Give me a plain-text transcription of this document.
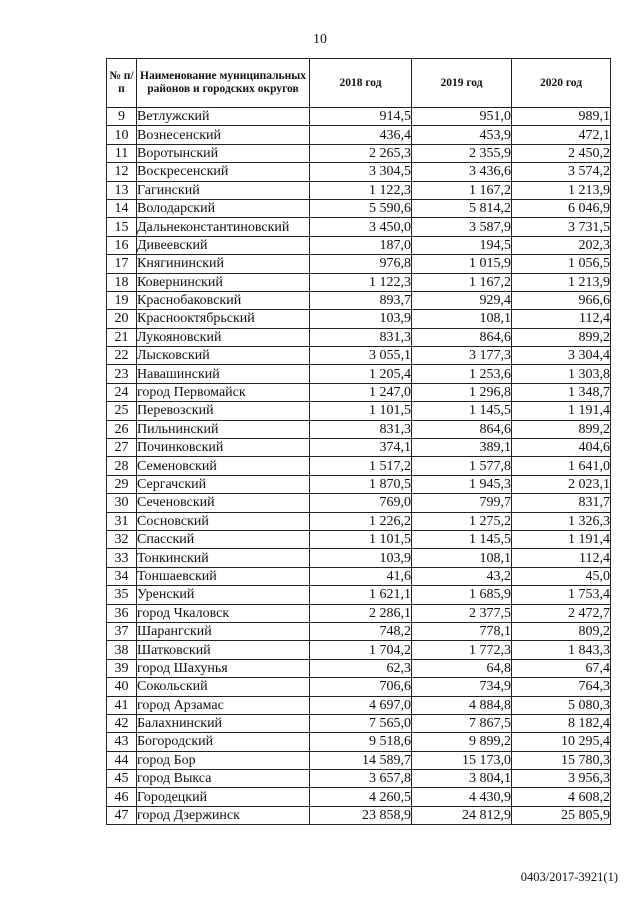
10
№ п/п	Наименование муниципальных районов и городских округов	2018 год	2019 год	2020 год
9	Ветлужский	914,5	951,0	989,1
10	Вознесенский	436,4	453,9	472,1
11	Воротынский	2 265,3	2 355,9	2 450,2
12	Воскресенский	3 304,5	3 436,6	3 574,2
13	Гагинский	1 122,3	1 167,2	1 213,9
14	Володарский	5 590,6	5 814,2	6 046,9
15	Дальнеконстантиновский	3 450,0	3 587,9	3 731,5
16	Дивеевский	187,0	194,5	202,3
17	Княгининский	976,8	1 015,9	1 056,5
18	Ковернинский	1 122,3	1 167,2	1 213,9
19	Краснобаковский	893,7	929,4	966,6
20	Краснооктябрьский	103,9	108,1	112,4
21	Лукояновский	831,3	864,6	899,2
22	Лысковский	3 055,1	3 177,3	3 304,4
23	Навашинский	1 205,4	1 253,6	1 303,8
24	город Первомайск	1 247,0	1 296,8	1 348,7
25	Перевозский	1 101,5	1 145,5	1 191,4
26	Пильнинский	831,3	864,6	899,2
27	Починковский	374,1	389,1	404,6
28	Семеновский	1 517,2	1 577,8	1 641,0
29	Сергачский	1 870,5	1 945,3	2 023,1
30	Сеченовский	769,0	799,7	831,7
31	Сосновский	1 226,2	1 275,2	1 326,3
32	Спасский	1 101,5	1 145,5	1 191,4
33	Тонкинский	103,9	108,1	112,4
34	Тоншаевский	41,6	43,2	45,0
35	Уренский	1 621,1	1 685,9	1 753,4
36	город Чкаловск	2 286,1	2 377,5	2 472,7
37	Шарангский	748,2	778,1	809,2
38	Шатковский	1 704,2	1 772,3	1 843,3
39	город Шахунья	62,3	64,8	67,4
40	Сокольский	706,6	734,9	764,3
41	город Арзамас	4 697,0	4 884,8	5 080,3
42	Балахнинский	7 565,0	7 867,5	8 182,4
43	Богородский	9 518,6	9 899,2	10 295,4
44	город Бор	14 589,7	15 173,0	15 780,3
45	город Выкса	3 657,8	3 804,1	3 956,3
46	Городецкий	4 260,5	4 430,9	4 608,2
47	город Дзержинск	23 858,9	24 812,9	25 805,9
0403/2017-3921(1)
